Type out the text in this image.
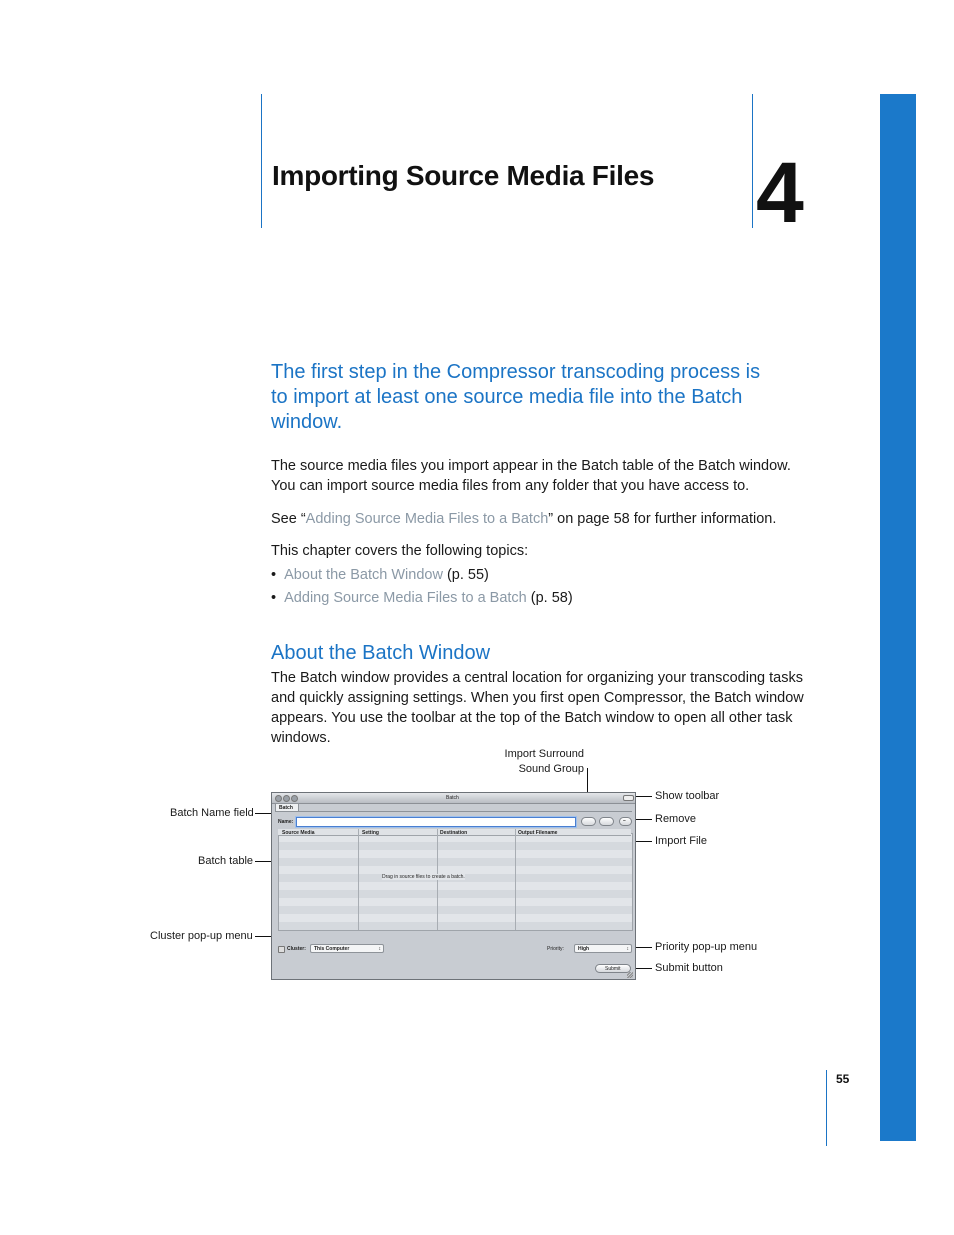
Importing Source Media Files 4
The first step in the Compressor transcoding process is to import at least one source media file into the Batch window.
The source media files you import appear in the Batch table of the Batch window. You can import source media files from any folder that you have access to.
See “Adding Source Media Files to a Batch” on page 58 for further information.
This chapter covers the following topics:
•  About the Batch Window (p. 55)
•  Adding Source Media Files to a Batch (p. 58)
About the Batch Window
The Batch window provides a central location for organizing your transcoding tasks and quickly assigning settings. When you first open Compressor, the Batch window appears. You use the toolbar at the top of the Batch window to open all other task windows.
Import Surround
Sound Group
Show toolbar
Remove
Import File
Batch Name field
Batch table
Cluster pop-up menu
Priority pop-up menu
Submit button
Batch
Batch
Name:	−
Source Media	Setting	Destination	Output Filename
Drag in source files to create a batch.
Cluster: This Computer	↕	Priority:	High	↕
Submit
55
